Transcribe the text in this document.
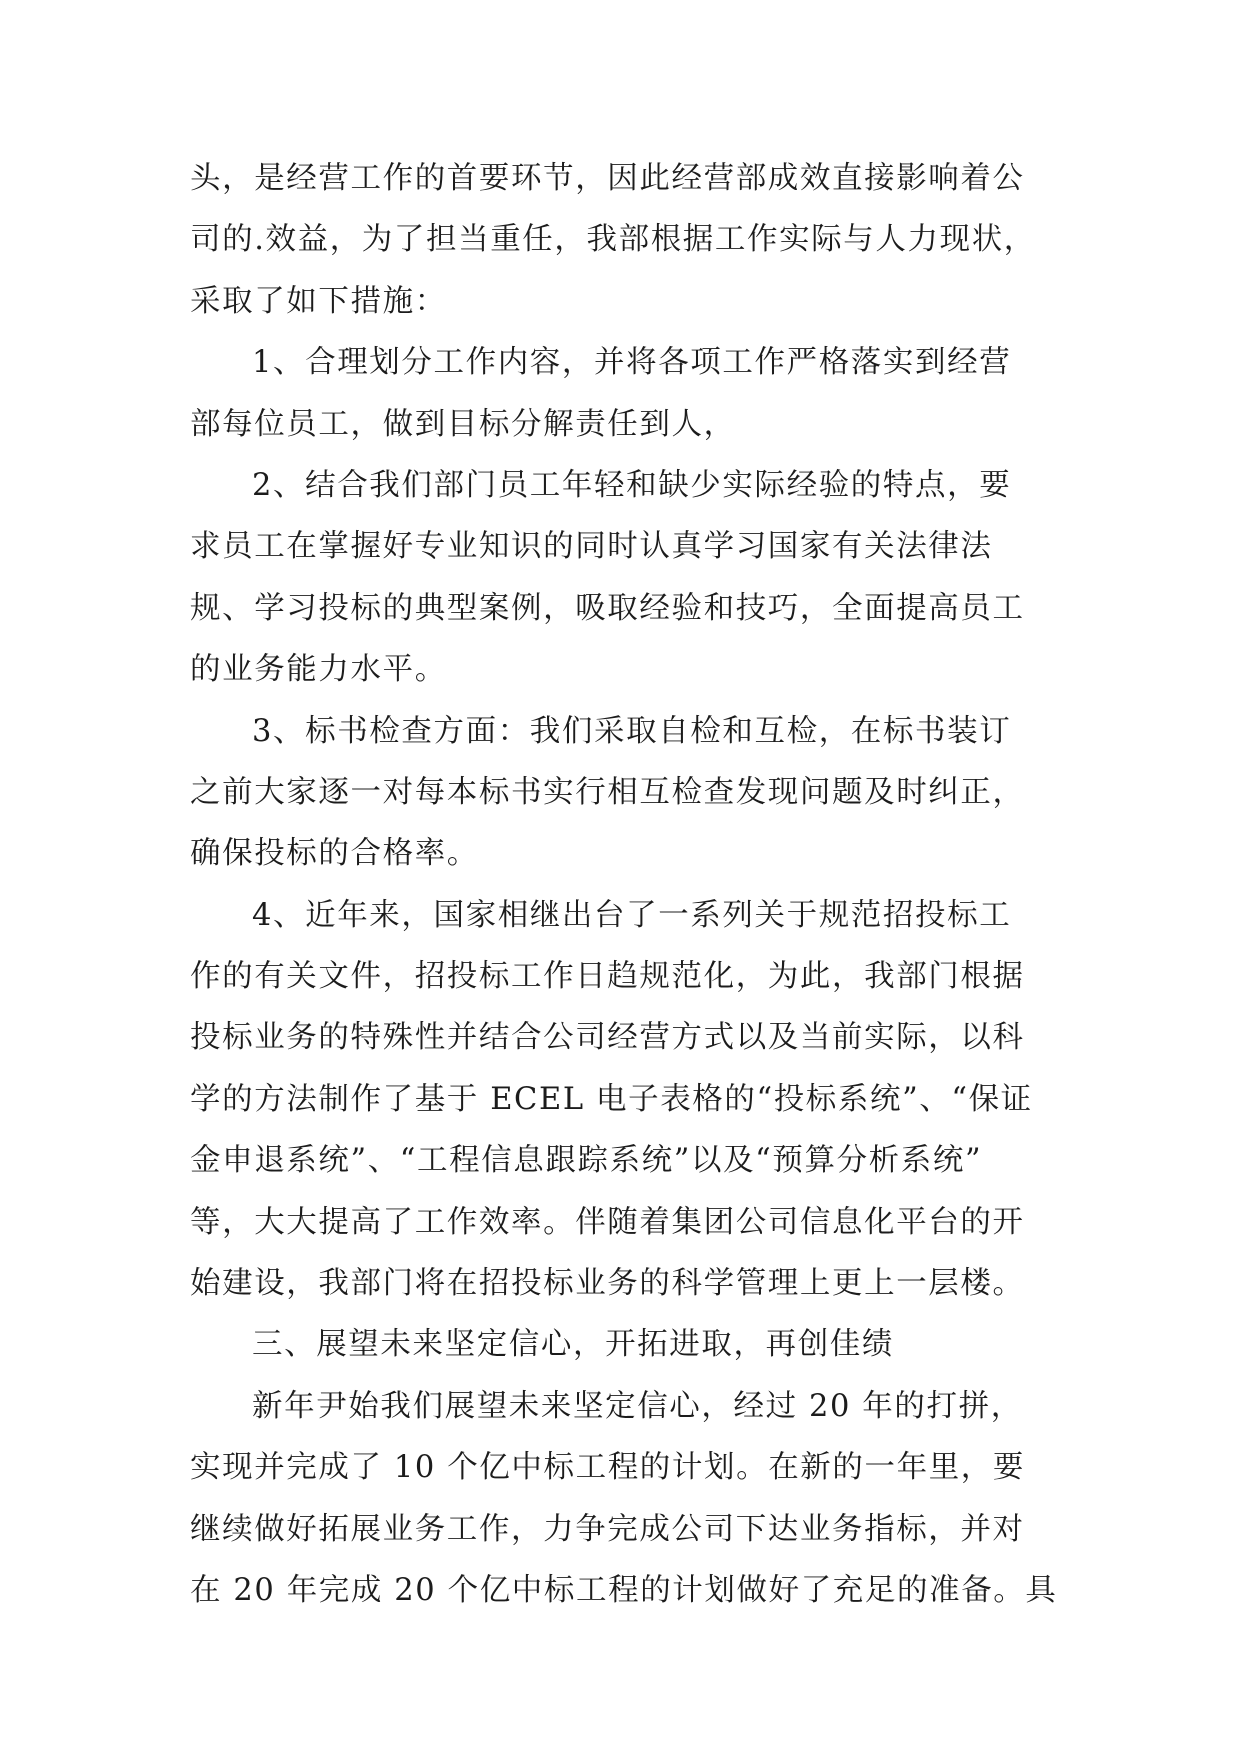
头，是经营工作的首要环节，因此经营部成效直接影响着公
司的.效益，为了担当重任，我部根据工作实际与人力现状，
采取了如下措施：
1、合理划分工作内容，并将各项工作严格落实到经营
部每位员工，做到目标分解责任到人，
2、结合我们部门员工年轻和缺少实际经验的特点，要
求员工在掌握好专业知识的同时认真学习国家有关法律法
规、学习投标的典型案例，吸取经验和技巧，全面提高员工
的业务能力水平。
3、标书检查方面：我们采取自检和互检，在标书装订
之前大家逐一对每本标书实行相互检查发现问题及时纠正，
确保投标的合格率。
4、近年来，国家相继出台了一系列关于规范招投标工
作的有关文件，招投标工作日趋规范化，为此，我部门根据
投标业务的特殊性并结合公司经营方式以及当前实际，以科
学的方法制作了基于 ECEL 电子表格的“投标系统”、“保证
金申退系统”、“工程信息跟踪系统”以及“预算分析系统”
等，大大提高了工作效率。伴随着集团公司信息化平台的开
始建设，我部门将在招投标业务的科学管理上更上一层楼。
三、展望未来坚定信心，开拓进取，再创佳绩
新年尹始我们展望未来坚定信心，经过 20 年的打拼，
实现并完成了 10 个亿中标工程的计划。在新的一年里，要
继续做好拓展业务工作，力争完成公司下达业务指标，并对
在 20 年完成 20 个亿中标工程的计划做好了充足的准备。具
